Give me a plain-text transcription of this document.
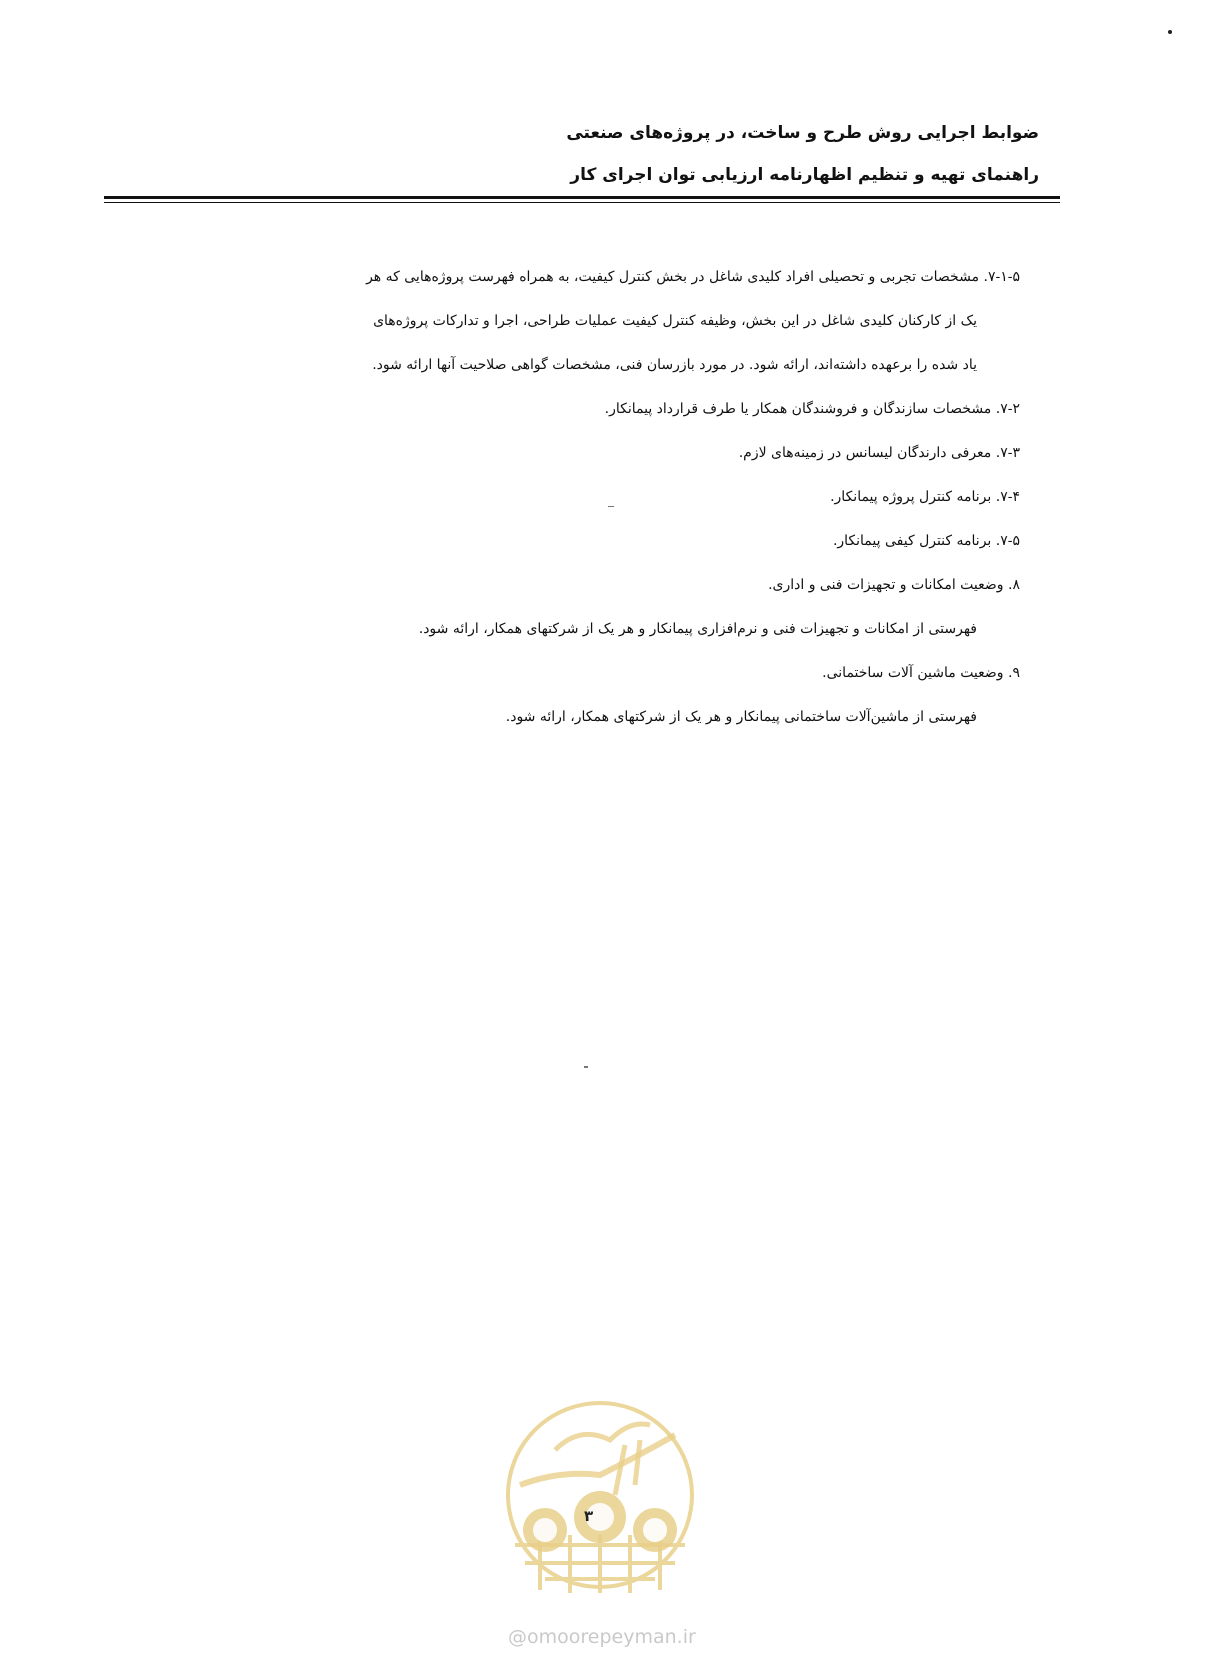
ضوابط اجرایی روش طرح و ساخت، در پروژه‌های صنعتی
راهنمای تهیه و تنظیم اظهارنامه ارزیابی توان اجرای کار
۷-۱-۵. مشخصات تجربی و تحصیلی افراد کلیدی شاغل در بخش کنترل کیفیت، به همراه فهرست پروژه‌هایی که هر
یک از کارکنان کلیدی شاغل در این بخش، وظیفه کنترل کیفیت عملیات طراحی، اجرا و تدارکات پروژه‌های
یاد شده را برعهده داشته‌اند، ارائه شود. در مورد بازرسان فنی، مشخصات گواهی صلاحیت آنها ارائه شود.
۷-۲. مشخصات سازندگان و فروشندگان همکار یا طرف قرارداد پیمانکار.
۷-۳. معرفی دارندگان لیسانس در زمینه‌های لازم.
۷-۴. برنامه کنترل پروژه پیمانکار.
۷-۵. برنامه کنترل کیفی پیمانکار.
۸. وضعیت امکانات و تجهیزات فنی و اداری.
فهرستی از امکانات و تجهیزات فنی و نرم‌افزاری پیمانکار و هر یک از شرکتهای همکار، ارائه شود.
۹. وضعیت ماشین آلات ساختمانی.
فهرستی از ماشین‌آلات ساختمانی پیمانکار و هر یک از شرکتهای همکار، ارائه شود.
۳
@omoorepeyman.ir
